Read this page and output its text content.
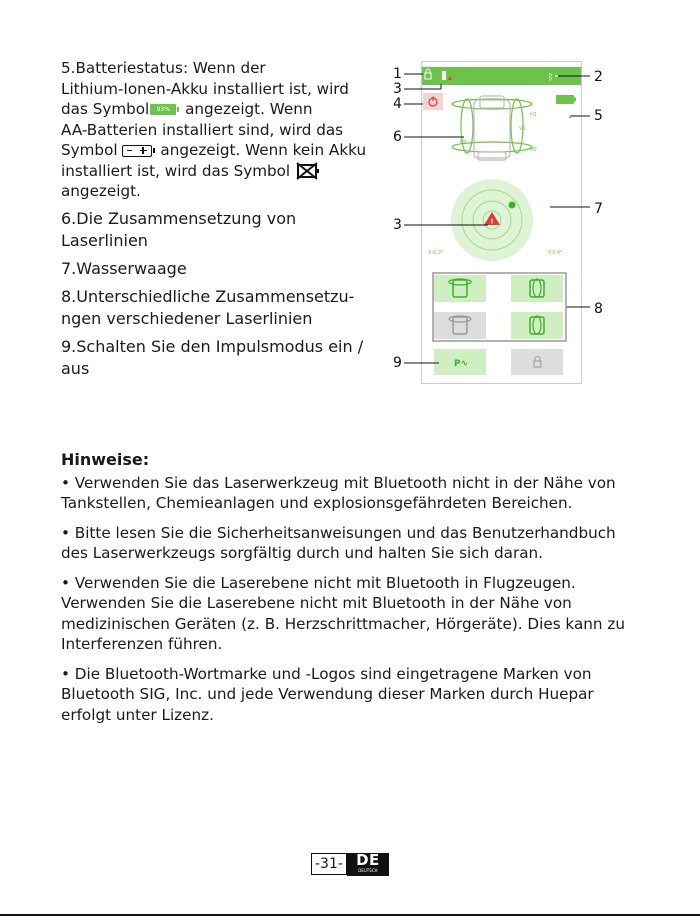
5.Batteriestatus: Wenn der

Lithium-Ionen-Akku installiert ist, wird

das Symbol 93% angezeigt. Wenn

AA-Batterien installiert sind, wird das

Symbol	angezeigt. Wenn kein Akku

installiert ist, wird das Symbol

angezeigt.

6.Die Zusammensetzung von Laserlinien

7.Wasserwaage

8.Unterschiedliche Zusammensetzu-ngen verschiedener Laserlinien

9.Schalten Sie den Impulsmodus ein / aus

1
3
4
6
3
9
2
5
7
8
ᛒ
H1
H2
V1
V2
!
X:0.2°	Y:0.4°
P∿
Hinweise:

• Verwenden Sie das Laserwerkzeug mit Bluetooth nicht in der Nähe von Tankstellen, Chemieanlagen und explosionsgefährdeten Bereichen.

• Bitte lesen Sie die Sicherheitsanweisungen und das Benutzerhandbuch des Laserwerkzeugs sorgfältig durch und halten Sie sich daran.

• Verwenden Sie die Laserebene nicht mit Bluetooth in Flugzeugen. Verwenden Sie die Laserebene nicht mit Bluetooth in der Nähe von medizinischen Geräten (z. B. Herzschrittmacher, Hörgeräte). Dies kann zu Interferenzen führen.

• Die Bluetooth-Wortmarke und -Logos sind eingetragene Marken von Bluetooth SIG, Inc. und jede Verwendung dieser Marken durch Huepar erfolgt unter Lizenz.

-31- DE
DEUTSCH
